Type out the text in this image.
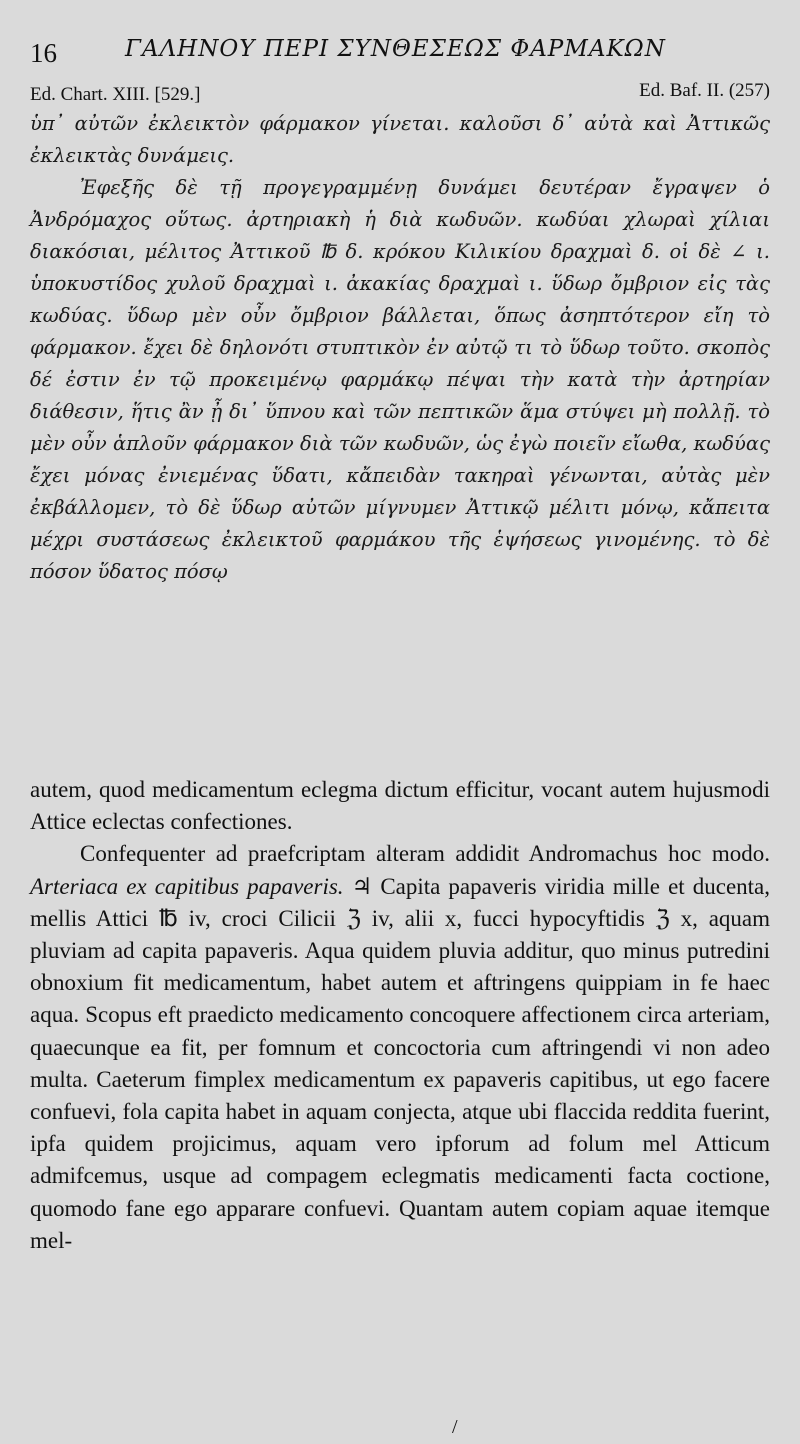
16	ΓΑΛΗΝΟΥ ΠΕΡΙ ΣΥΝΘΕΣΕΩΣ ΦΑΡΜΑΚΩΝ
Ed. Chart. XIII. [529.]	Ed. Baf. II. (257)

ὑπ᾽ αὐτῶν ἐκλεικτὸν φάρμακον γίνεται. καλοῦσι δ᾽ αὐτὰ καὶ Ἀττικῶς ἐκλεικτὰς δυνάμεις.

Ἐφεξῆς δὲ τῇ προγεγραμμένῃ δυνάμει δευτέραν ἔγραψεν ὁ Ἀνδρόμαχος οὕτως. ἀρτηριακὴ ἡ διὰ κωδυῶν. κωδύαι χλωραὶ χίλιαι διακόσιαι, μέλιτος Ἀττικοῦ ℔ δ. κρόκου Κιλικίου δραχμαὶ δ. οἱ δὲ ∠ ι. ὑποκυστίδος χυλοῦ δραχμαὶ ι. ἀκακίας δραχμαὶ ι. ὕδωρ ὄμβριον εἰς τὰς κωδύας. ὕδωρ μὲν οὖν ὄμβριον βάλλεται, ὅπως ἀσηπτότερον εἴη τὸ φάρμακον. ἔχει δὲ δηλονότι στυπτικὸν ἐν αὐτῷ τι τὸ ὕδωρ τοῦτο. σκοπὸς δέ ἐστιν ἐν τῷ προκειμένῳ φαρμάκῳ πέψαι τὴν κατὰ τὴν ἀρτηρίαν διάθεσιν, ἥτις ἂν ᾖ δι᾽ ὕπνου καὶ τῶν πεπτικῶν ἅμα στύψει μὴ πολλῇ. τὸ μὲν οὖν ἁπλοῦν φάρμακον διὰ τῶν κωδυῶν, ὡς ἐγὼ ποιεῖν εἴωθα, κωδύας ἔχει μόνας ἐνιεμένας ὕδατι, κἄπειδὰν τακηραὶ γένωνται, αὐτὰς μὲν ἐκβάλλομεν, τὸ δὲ ὕδωρ αὐτῶν μίγνυμεν Ἀττικῷ μέλιτι μόνῳ, κἄπειτα μέχρι συστάσεως ἐκλεικτοῦ φαρμάκου τῆς ἑψήσεως γινομένης. τὸ δὲ πόσον ὕδατος πόσῳ

autem, quod medicamentum eclegma dictum efficitur, vocant autem hujusmodi Attice eclectas confectiones.

Confequenter ad praefcriptam alteram addidit Andromachus hoc modo. Arteriaca ex capitibus papaveris. ♃ Capita papaveris viridia mille et ducenta, mellis Attici ℔ iv, croci Cilicii ℨ iv, alii x, fucci hypocyftidis ℨ x, aquam pluviam ad capita papaveris. Aqua quidem pluvia additur, quo minus putredini obnoxium fit medicamentum, habet autem et aftringens quippiam in fe haec aqua. Scopus eft praedicto medicamento concoquere affectionem circa arteriam, quaecunque ea fit, per fomnum et concoctoria cum aftringendi vi non adeo multa. Caeterum fimplex medicamentum ex papaveris capitibus, ut ego facere confuevi, fola capita habet in aquam conjecta, atque ubi flaccida reddita fuerint, ipfa quidem projicimus, aquam vero ipforum ad folum mel Atticum admifcemus, usque ad compagem eclegmatis medicamenti facta coctione, quomodo fane ego apparare confuevi. Quantam autem copiam aquae itemque mel-

/
